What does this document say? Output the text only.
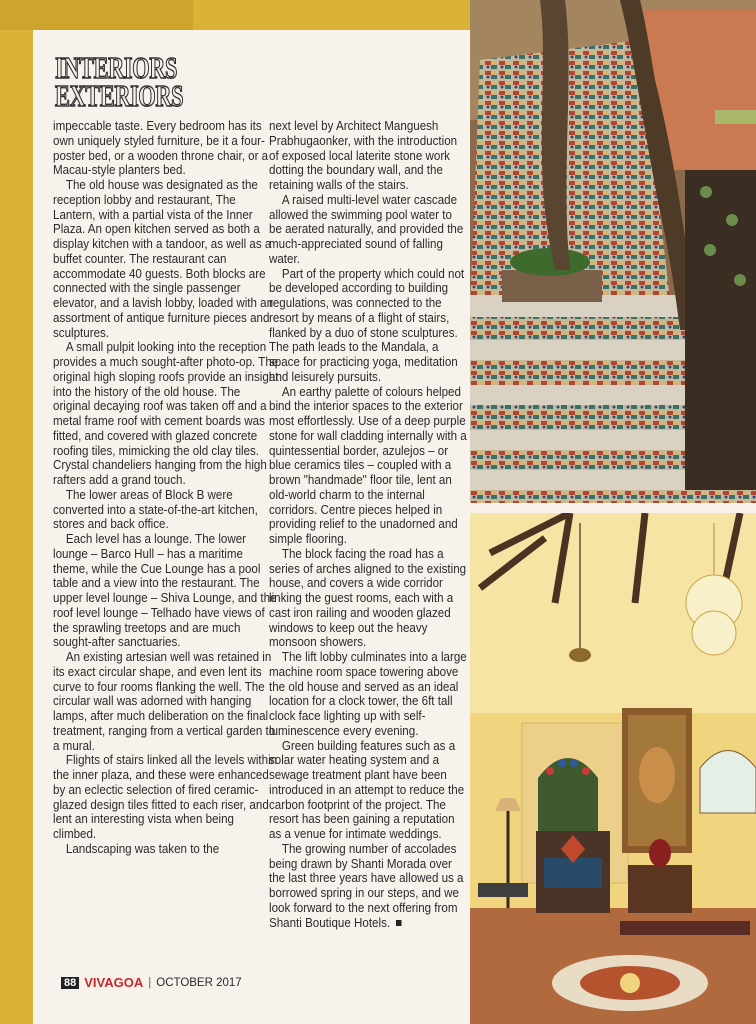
INTERIORS
EXTERIORS

impeccable taste. Every bedroom has its own uniquely styled furniture, be it a four-poster bed, or a wooden throne chair, or a Macau-style planters bed.

The old house was designated as the reception lobby and restaurant, The Lantern, with a partial vista of the Inner Plaza. An open kitchen served as both a display kitchen with a tandoor, as well as a buffet counter. The restaurant can accommodate 40 guests. Both blocks are connected with the single passenger elevator, and a lavish lobby, loaded with an assortment of antique furniture pieces and sculptures.

A small pulpit looking into the reception provides a much sought-after photo-op. The original high sloping roofs provide an insight into the history of the old house. The original decaying roof was taken off and a metal frame roof with cement boards was fitted, and covered with glazed concrete roofing tiles, mimicking the old clay tiles. Crystal chandeliers hanging from the high rafters add a grand touch.

The lower areas of Block B were converted into a state-of-the-art kitchen, stores and back office.

Each level has a lounge. The lower lounge – Barco Hull – has a maritime theme, while the Cue Lounge has a pool table and a view into the restaurant. The upper level lounge – Shiva Lounge, and the roof level lounge – Telhado have views of the sprawling treetops and are much sought-after sanctuaries.

An existing artesian well was retained in its exact circular shape, and even lent its curve to four rooms flanking the well. The circular wall was adorned with hanging lamps, after much deliberation on the final treatment, ranging from a vertical garden to a mural.

Flights of stairs linked all the levels within the inner plaza, and these were enhanced by an eclectic selection of fired ceramic-glazed design tiles fitted to each riser, and lent an interesting vista when being climbed.

Landscaping was taken to the

next level by Architect Manguesh Prabhugaonker, with the introduction of exposed local laterite stone work dotting the boundary wall, and the retaining walls of the stairs.

A raised multi-level water cascade allowed the swimming pool water to be aerated naturally, and provided the much-appreciated sound of falling water.

Part of the property which could not be developed according to building regulations, was connected to the resort by means of a flight of stairs, flanked by a duo of stone sculptures. The path leads to the Mandala, a space for practicing yoga, meditation and leisurely pursuits.

An earthy palette of colours helped bind the interior spaces to the exterior most effortlessly. Use of a deep purple stone for wall cladding internally with a quintessential border, azulejos – or blue ceramics tiles – coupled with a brown "handmade" floor tile, lent an old-world charm to the internal corridors. Centre pieces helped in providing relief to the unadorned and simple flooring.

The block facing the road has a series of arches aligned to the existing house, and covers a wide corridor linking the guest rooms, each with a cast iron railing and wooden glazed windows to keep out the heavy monsoon showers.

The lift lobby culminates into a large machine room space towering above the old house and served as an ideal location for a clock tower, the 6ft tall clock face lighting up with self-luminescence every evening.

Green building features such as a solar water heating system and a sewage treatment plant have been introduced in an attempt to reduce the carbon footprint of the project. The resort has been gaining a reputation as a venue for intimate weddings.

The growing number of accolades being drawn by Shanti Morada over the last three years have allowed us a borrowed spring in our steps, and we look forward to the next offering from Shanti Boutique Hotels.

88 VIVAGOA | OCTOBER 2017
